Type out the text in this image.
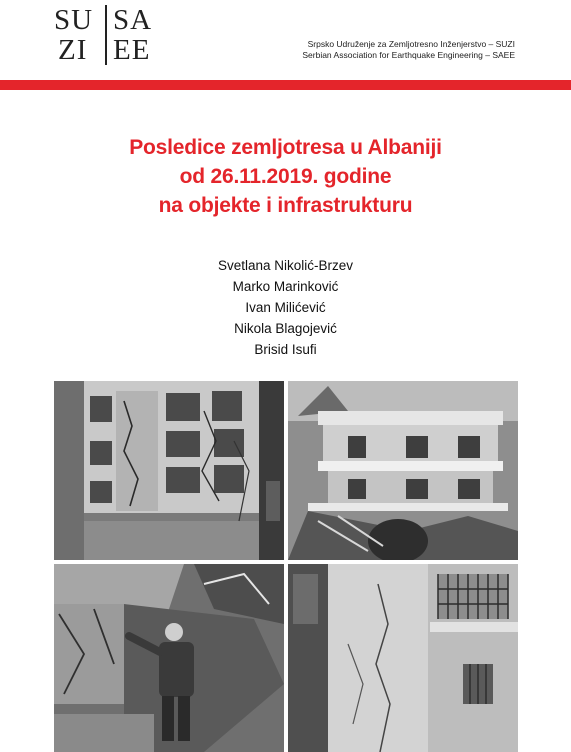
SU SA
ZI EE	Srpsko Udruženje za Zemljotresno Inženjerstvo – SUZI
Serbian Association for Earthquake Engineering – SAEE
Posledice zemljotresa u Albaniji
od 26.11.2019. godine
na objekte i infrastrukturu
Svetlana Nikolić-Brzev
Marko Marinković
Ivan Milićević
Nikola Blagojević
Brisid Isufi
